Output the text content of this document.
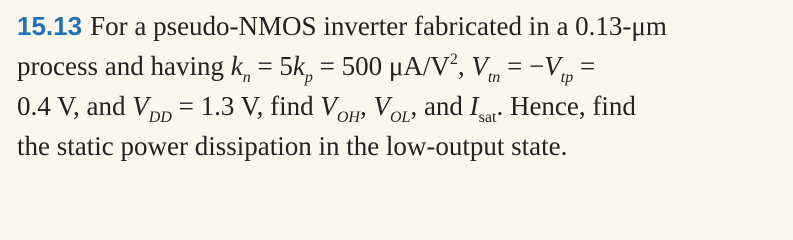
15.13 For a pseudo-NMOS inverter fabricated in a 0.13-μm
process and having $k_n = 5k_p = 500$ $\mu A/V^2$, $V_{tn} = -V_{tp}$ =
0.4 V, and $V_{DD} = 1.3$ V, find $V_{OH}$, $V_{OL}$, and $I_{sat}$. Hence, find
the static power dissipation in the low-output state.
